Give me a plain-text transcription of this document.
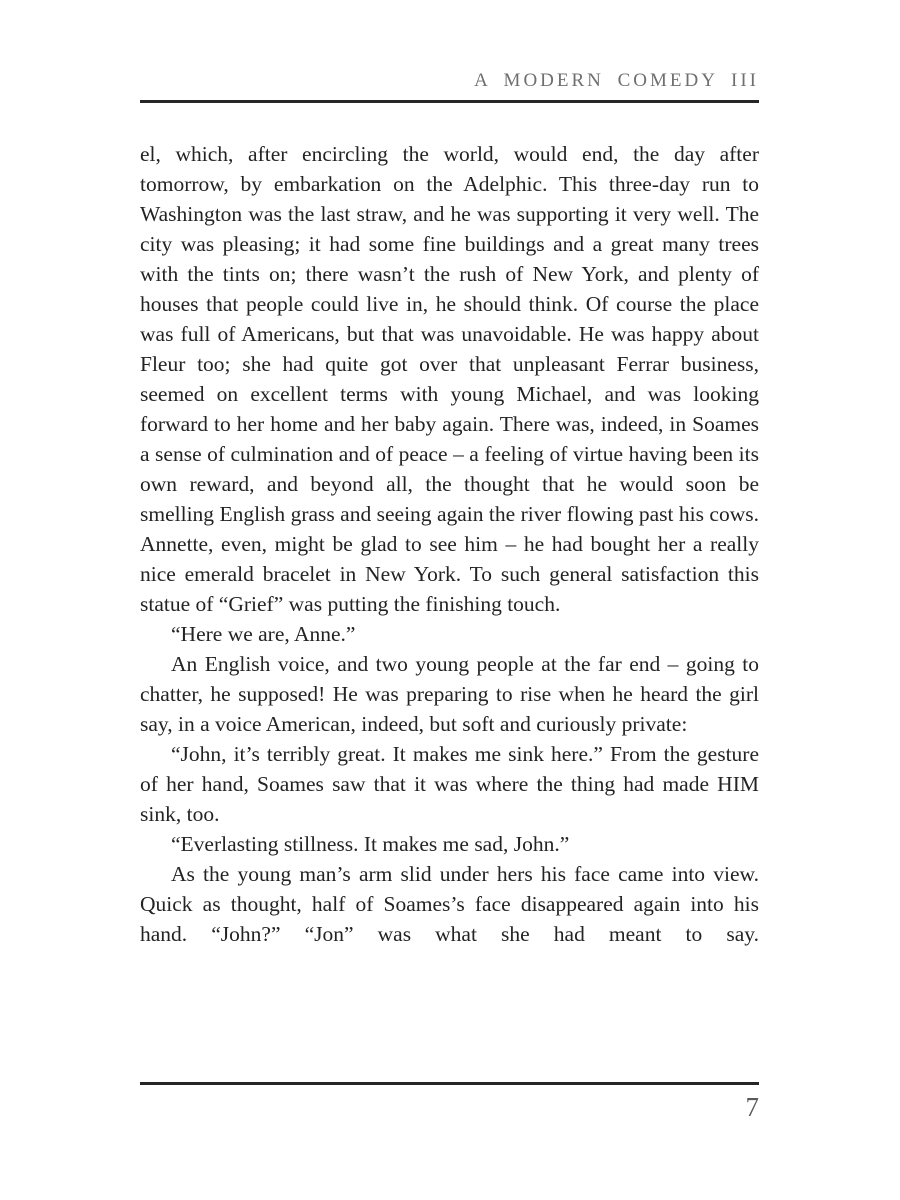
A MODERN COMEDY III

el, which, after encircling the world, would end, the day after tomorrow, by embarkation on the Adelphic. This three-day run to Washington was the last straw, and he was supporting it very well. The city was pleasing; it had some fine buildings and a great many trees with the tints on; there wasn’t the rush of New York, and plenty of houses that people could live in, he should think. Of course the place was full of Americans, but that was unavoidable. He was happy about Fleur too; she had quite got over that unpleasant Ferrar business, seemed on excellent terms with young Michael, and was looking forward to her home and her baby again. There was, indeed, in Soames a sense of culmination and of peace – a feeling of virtue having been its own reward, and beyond all, the thought that he would soon be smelling English grass and seeing again the river flowing past his cows. Annette, even, might be glad to see him – he had bought her a really nice emerald bracelet in New York. To such general satisfaction this statue of “Grief” was putting the finishing touch.

“Here we are, Anne.”

An English voice, and two young people at the far end – going to chatter, he supposed! He was preparing to rise when he heard the girl say, in a voice American, indeed, but soft and curiously private:

“John, it’s terribly great. It makes me sink here.” From the gesture of her hand, Soames saw that it was where the thing had made HIM sink, too.

“Everlasting stillness. It makes me sad, John.”

As the young man’s arm slid under hers his face came into view. Quick as thought, half of Soames’s face disappeared again into his hand. “John?” “Jon” was what she had meant to say.

7
